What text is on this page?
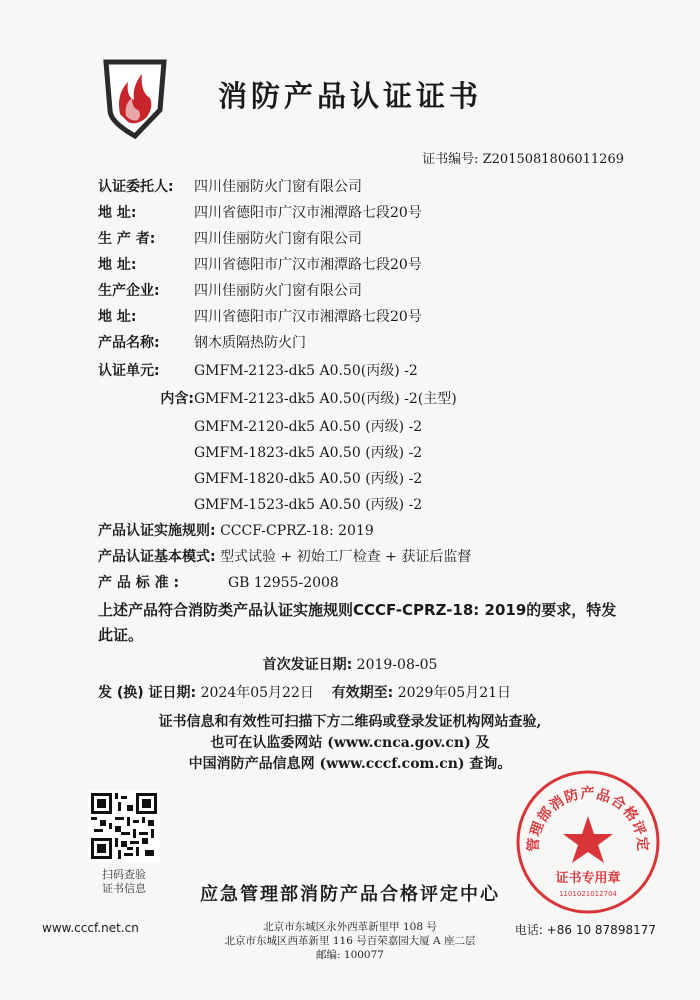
消防产品认证证书
证书编号: Z2015081806011269
认证委托人: 四川佳丽防火门窗有限公司
地 址:	四川省德阳市广汉市湘潭路七段20号
生 产 者:	四川佳丽防火门窗有限公司
地 址:	四川省德阳市广汉市湘潭路七段20号
生产企业: 四川佳丽防火门窗有限公司
地 址:	四川省德阳市广汉市湘潭路七段20号
产品名称: 钢木质隔热防火门
认证单元: GMFM-2123-dk5 A0.50(丙级) -2
内含:GMFM-2123-dk5 A0.50(丙级) -2(主型)
GMFM-2120-dk5 A0.50 (丙级) -2
GMFM-1823-dk5 A0.50 (丙级) -2
GMFM-1820-dk5 A0.50 (丙级) -2
GMFM-1523-dk5 A0.50 (丙级) -2
产品认证实施规则: CCCF-CPRZ-18: 2019
产品认证基本模式: 型式试验 + 初始工厂检查 + 获证后监督
产 品 标 准 :	GB 12955-2008
上述产品符合消防类产品认证实施规则CCCF-CPRZ-18: 2019的要求，特发此证。
首次发证日期: 2019-08-05
发 (换) 证日期: 2024年05月22日 有效期至: 2029年05月21日
证书信息和有效性可扫描下方二维码或登录发证机构网站查验,
也可在认监委网站 (www.cnca.gov.cn) 及
中国消防产品信息网 (www.cccf.com.cn) 查询。
扫码查验
证书信息
管理部消防产品合格评定
证书专用章
1101021012704
应急管理部消防产品合格评定中心
www.cccf.net.cn	电话: +86 10 87898177
北京市东城区永外西革新里甲 108 号
北京市东城区西革新里 116 号百荣嘉园大厦 A 座二层
邮编: 100077
